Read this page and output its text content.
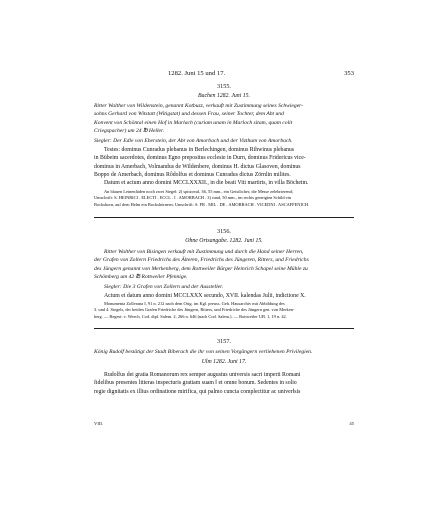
1282. Juni 15 und 17.	353
3155.
Buchen 1282. Juni 15.
Ritter Walther von Wildenstein, genannt Kotbuzz, verkauft mit Zustimmung seines Schwieger-
sohns Gerhard von Witstatt (Witigstat) und dessen Frau, seiner Tochter, dem Abt und
Konvent von Schöntal einen Hof in Marlach (curiam unam in Marloch sitam, quam colit
Criegspacher) um 24 ℔ Heller.
Siegler: Der Edle von Eberstein, der Abt von Amorbach und der Vizthum von Amorbach.
Testes: dominus Cunradus plebanus in Berlechingen, dominus Rihwinus plebanus
in Bübeim sacerdotes, dominus Egno prepositus ecclesie in Durn, dominus Fridericus vice-
dominus in Amerbach, Volmandus de Wildenbere, dominus H. dictus Glasoven, dominus
Boppo de Amerbach, dominus Rôdolfus et dominus Cunradus dictus Zörnlin milites.
Datum et actum anno domini MCCLXXXII., in die beati Viti martiris, in villa Böcheim.
An blauen Leinenfäden noch zwei Siegel: 2) spitzoval, 36, 55 mm., ein Geistlicher, die Messe zelebrierend;
Umschrift: S. HEINRICI . ELECTI . ECCL . I . AMORBACH . 3) rund, 50 mm., im rechts geneigten Schild ein
Bocksborn, auf dem Helm ein Bockshörnern; Umschrift: S. FR . MIL . DE . AMORBACH . VICEDNI . ASCAFFENICH.
3156.
Ohne Ortsangabe. 1282. Juni 15.
Ritter Walther von Bisingen verkauft mit Zustimmung und durch die Hand seiner Herren,
der Grafen von Zollern Friedrichs des Älteren, Friedrichs des Jüngeren, Ritters, und Friedrichs
des Jüngern genannt von Merkenberg, dem Rottweiler Bürger Heinrich Schapel seine Mühle zu
Schömberg um 42 ℔ Rottweiler Pfennige.
Siegler: Die 3 Grafen von Zollern und der Aussteller.
Actum et datum anno domini MCCLXXX secundo, XVII. kalendas Julii, indictione X.
Monumenta Zollerana I, 91 n. 212 nach dem Orig. im Kgl. preuss. Geh. Hausarchiv mit Abbildung des
3. und 4. Siegels, der beiden Grafen Friedriche des Jüngern, Ritters, und Friedriche des Jüngern gen. von Merken-
berg. — Regest: v. Weech, Cod. dipl. Salem. 2, 266 n. 646 (nach Cod. Salem.). — Rottweiler UB. 1, 19 n. 42.
3157.
König Rudolf bestätigt der Stadt Biberach die ihr von seinen Vorgängern verliehenen Privilegien.
Ulm 1282. Juni 17.
Rudolfus dei gratia Romanorum rex semper augustus universis sacri imperii Romani
fidelibus presentes litteras inspecturis gratiam suam ‖ et omne bonum. Sedentes in solio
regie dignitatis ex illius ordinatione mirifica, qui palmo cuncta complectitur ac univer‖sis
VIII.	45
